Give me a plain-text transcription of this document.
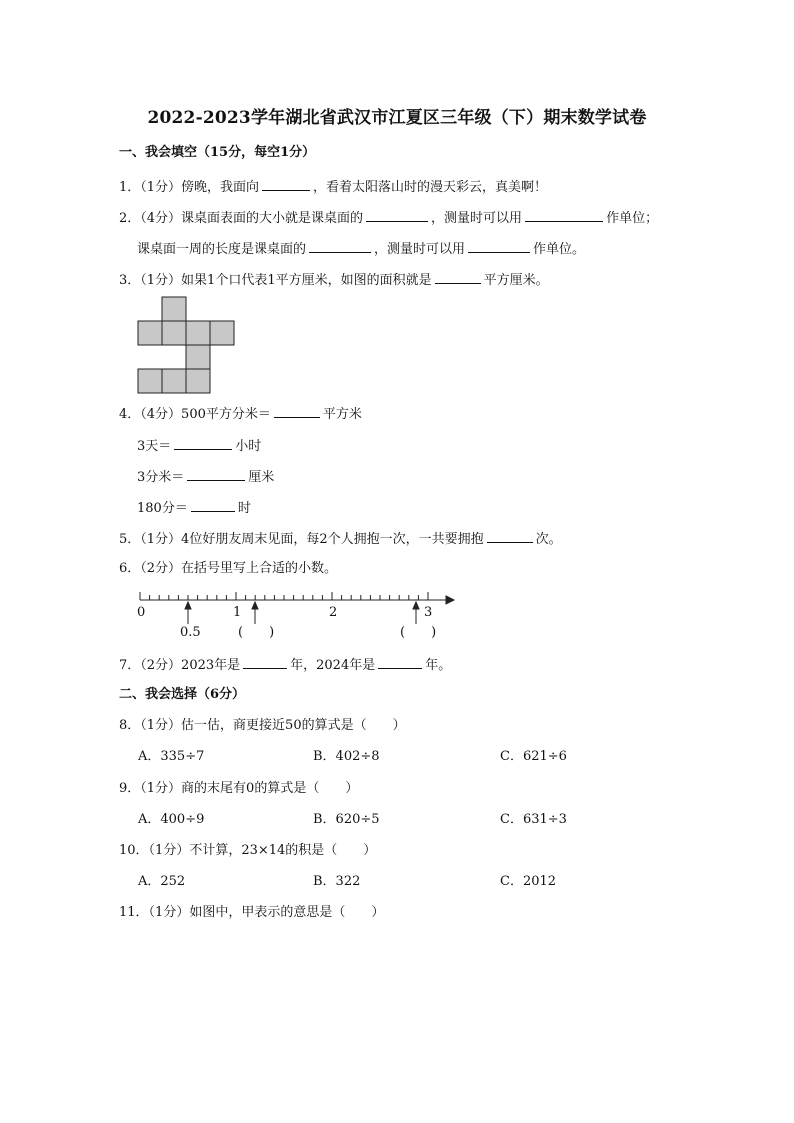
2022-2023学年湖北省武汉市江夏区三年级（下）期末数学试卷
一、我会填空（15分，每空1分）
1．（1分）傍晚，我面向	，看着太阳落山时的漫天彩云，真美啊！
2．（4分）课桌面表面的大小就是课桌面的	，测量时可以用	作单位；
课桌面一周的长度是课桌面的	，测量时可以用	作单位。
3．（1分）如果1个口代表1平方厘米，如图的面积就是	平方厘米。
4．（4分）500平方分米＝	平方米
3天＝	小时
3分米＝	厘米
180分＝	时
5．（1分）4位好朋友周末见面，每2个人拥抱一次，一共要拥抱	次。
6．（2分）在括号里写上合适的小数。
0	1	2	3
0.5	(　　)	(　　)
7．（2分）2023年是	年，2024年是	年。
二、我会选择（6分）
8．（1分）估一估，商更接近50的算式是（　　）
A．335÷7	B．402÷8	C．621÷6
9．（1分）商的末尾有0的算式是（　　）
A．400÷9	B．620÷5	C．631÷3
10．（1分）不计算，23×14的积是（　　）
A．252	B．322	C．2012
11．（1分）如图中，甲表示的意思是（　　）
